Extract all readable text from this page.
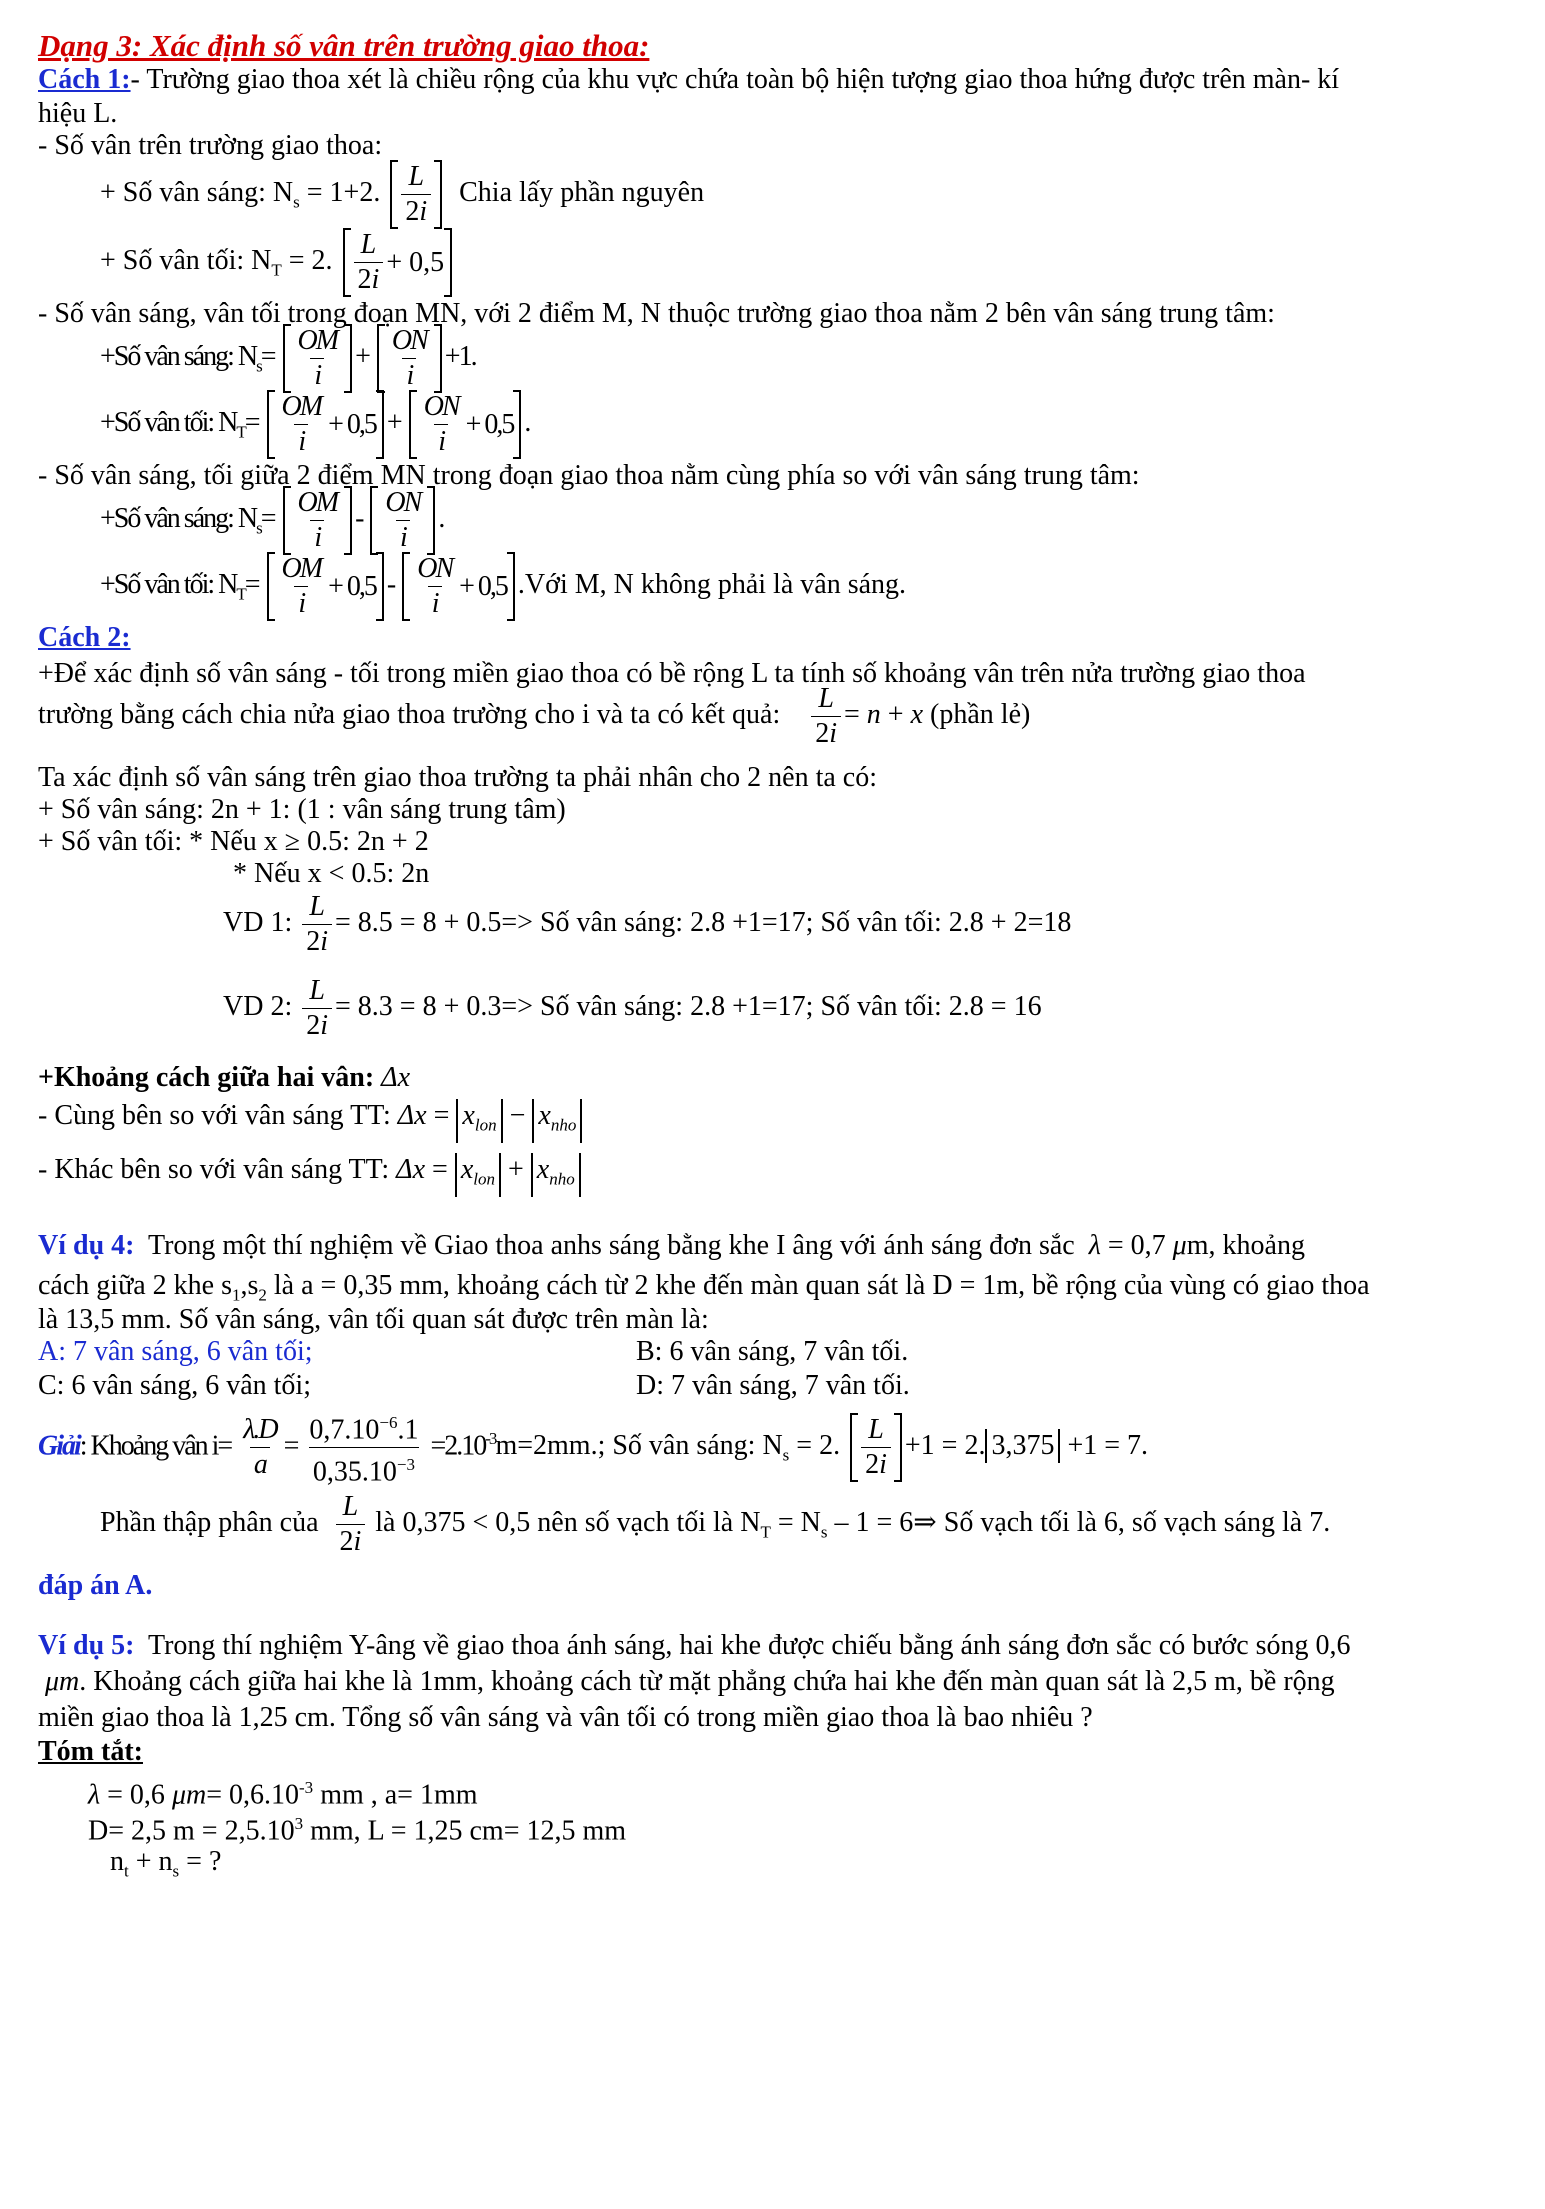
Dạng 3: Xác định số vân trên trường giao thoa:
Cách 1:- Trường giao thoa xét là chiều rộng của khu vực chứa toàn bộ hiện tượng giao thoa hứng được trên màn- kí
hiệu L.
- Số vân trên trường giao thoa:
+ Số vân sáng: $N_s = 1+2$. $\frac{L}{2i}$ Chia lấy phần nguyên
+ Số vân tối: $N_T = 2$. $\frac{L}{2i} + 0,5$
- Số vân sáng, vân tối trong đoạn MN, với 2 điểm M, N thuộc trường giao thoa nằm 2 bên vân sáng trung tâm:
+Số vân sáng: $N_s= \frac{OM}{i} + \frac{ON}{i} +1$.
+Số vân tối: $N_T= \frac{OM}{i} + 0,5 + \frac{ON}{i} + 0,5$ .
- Số vân sáng, tối giữa 2 điểm MN trong đoạn giao thoa nằm cùng phía so với vân sáng trung tâm:
+Số vân sáng: $N_s= \frac{OM}{i} - \frac{ON}{i}$ .
+Số vân tối: $N_T= \frac{OM}{i} + 0,5 - \frac{ON}{i} + 0,5$ .Với M, N không phải là vân sáng.
Cách 2:
+Để xác định số vân sáng - tối trong miền giao thoa có bề rộng L ta tính số khoảng vân trên nửa trường giao thoa
trường bằng cách chia nửa giao thoa trường cho i và ta có kết quả: $\frac{L}{2i} = n + x$ (phần lẻ)
Ta xác định số vân sáng trên giao thoa trường ta phải nhân cho 2 nên ta có:
+ Số vân sáng: 2n + 1: (1 : vân sáng trung tâm)
+ Số vân tối: * Nếu x ≥ 0.5: 2n + 2
* Nếu x < 0.5: 2n
VD 1: $\frac{L}{2i} = 8.5 = 8 + 0.5=>$ Số vân sáng: 2.8 +1=17; Số vân tối: 2.8 + 2=18
VD 2: $\frac{L}{2i} = 8.3 = 8 + 0.3=>$ Số vân sáng: 2.8 +1=17; Số vân tối: 2.8 = 16
+Khoảng cách giữa hai vân: Δx
- Cùng bên so với vân sáng TT: $\Delta x = x_{lon} - x_{nho}$
- Khác bên so với vân sáng TT: $\Delta x = x_{lon} + x_{nho}$
Ví dụ 4: Trong một thí nghiệm về Giao thoa anhs sáng bằng khe I âng với ánh sáng đơn sắc λ = 0,7 μm, khoảng
cách giữa 2 khe $s_1,s_2$ là a = 0,35 mm, khoảng cách từ 2 khe đến màn quan sát là D = 1m, bề rộng của vùng có giao thoa
là 13,5 mm. Số vân sáng, vân tối quan sát được trên màn là:
A: 7 vân sáng, 6 vân tối;	B: 6 vân sáng, 7 vân tối.
C: 6 vân sáng, 6 vân tối;	D: 7 vân sáng, 7 vân tối.
Giải: Khoảng vân $i= \frac{\lambda.D}{a} = \frac{0,7.10^{-6}.1}{0,35.10^{-3}} =2.10^{-3}m=2mm$.; Số vân sáng: $N_s = 2$. $\frac{L}{2i} +1 = 2$. 3,375 +1 = 7.
Phần thập phân của $\frac{L}{2i}$ là 0,375 < 0,5 nên số vạch tối là $N_T = N_s - 1$ = 6⇒ Số vạch tối là 6, số vạch sáng là 7.
đáp án A.
Ví dụ 5: Trong thí nghiệm Y-âng về giao thoa ánh sáng, hai khe được chiếu bằng ánh sáng đơn sắc có bước sóng 0,6
μm. Khoảng cách giữa hai khe là 1mm, khoảng cách từ mặt phẳng chứa hai khe đến màn quan sát là 2,5 m, bề rộng
miền giao thoa là 1,25 cm. Tổng số vân sáng và vân tối có trong miền giao thoa là bao nhiêu ?
Tóm tắt:
λ = 0,6 $\mu m= 0,6.10^{-3}$ mm , a= 1mm
D= 2,5 $m = 2,5.10^3$ mm, L = 1,25 cm= 12,5 mm
$n_t + n_s$ = ?
